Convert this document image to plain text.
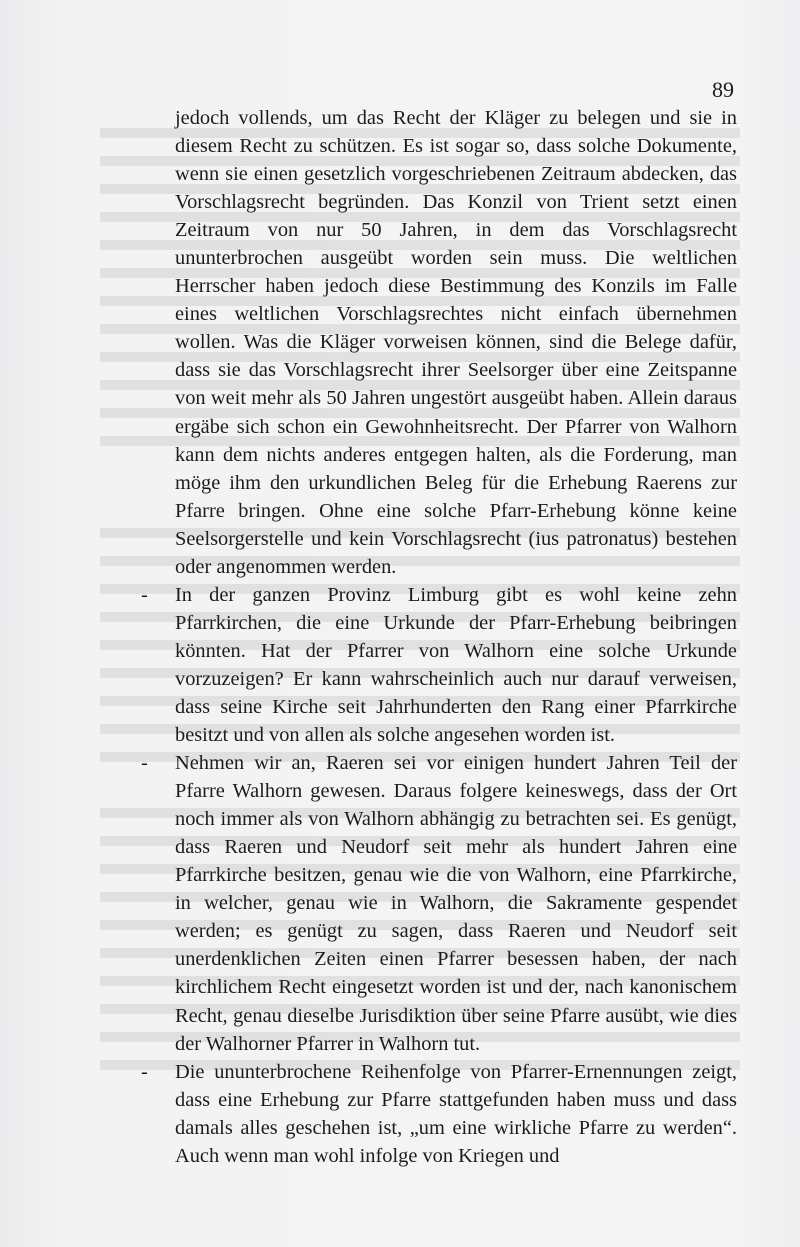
89

jedoch vollends, um das Recht der Kläger zu belegen und sie in diesem Recht zu schützen. Es ist sogar so, dass solche Dokumente, wenn sie einen gesetzlich vorgeschriebenen Zeitraum abdecken, das Vorschlagsrecht begründen. Das Konzil von Trient setzt einen Zeitraum von nur 50 Jahren, in dem das Vorschlagsrecht ununterbrochen ausgeübt worden sein muss. Die weltlichen Herrscher haben jedoch diese Bestimmung des Konzils im Falle eines weltlichen Vorschlagsrechtes nicht einfach übernehmen wollen. Was die Kläger vorweisen können, sind die Belege dafür, dass sie das Vorschlagsrecht ihrer Seelsorger über eine Zeitspanne von weit mehr als 50 Jahren ungestört ausgeübt haben. Allein daraus ergäbe sich schon ein Gewohnheitsrecht. Der Pfarrer von Walhorn kann dem nichts anderes entgegen halten, als die Forderung, man möge ihm den urkundlichen Beleg für die Erhebung Raerens zur Pfarre bringen. Ohne eine solche Pfarr-Erhebung könne keine Seelsorgerstelle und kein Vorschlagsrecht (ius patronatus) bestehen oder angenommen werden.

- In der ganzen Provinz Limburg gibt es wohl keine zehn Pfarrkirchen, die eine Urkunde der Pfarr-Erhebung beibringen könnten. Hat der Pfarrer von Walhorn eine solche Urkunde vorzuzeigen? Er kann wahrscheinlich auch nur darauf verweisen, dass seine Kirche seit Jahrhunderten den Rang einer Pfarrkirche besitzt und von allen als solche angesehen worden ist.

- Nehmen wir an, Raeren sei vor einigen hundert Jahren Teil der Pfarre Walhorn gewesen. Daraus folgere keineswegs, dass der Ort noch immer als von Walhorn abhängig zu betrachten sei. Es genügt, dass Raeren und Neudorf seit mehr als hundert Jahren eine Pfarrkirche besitzen, genau wie die von Walhorn, eine Pfarrkirche, in welcher, genau wie in Walhorn, die Sakramente gespendet werden; es genügt zu sagen, dass Raeren und Neudorf seit unerdenklichen Zeiten einen Pfarrer besessen haben, der nach kirchlichem Recht eingesetzt worden ist und der, nach kanonischem Recht, genau dieselbe Jurisdiktion über seine Pfarre ausübt, wie dies der Walhorner Pfarrer in Walhorn tut.

- Die ununterbrochene Reihenfolge von Pfarrer-Ernennungen zeigt, dass eine Erhebung zur Pfarre stattgefunden haben muss und dass damals alles geschehen ist, „um eine wirkliche Pfarre zu werden“. Auch wenn man wohl infolge von Kriegen und
